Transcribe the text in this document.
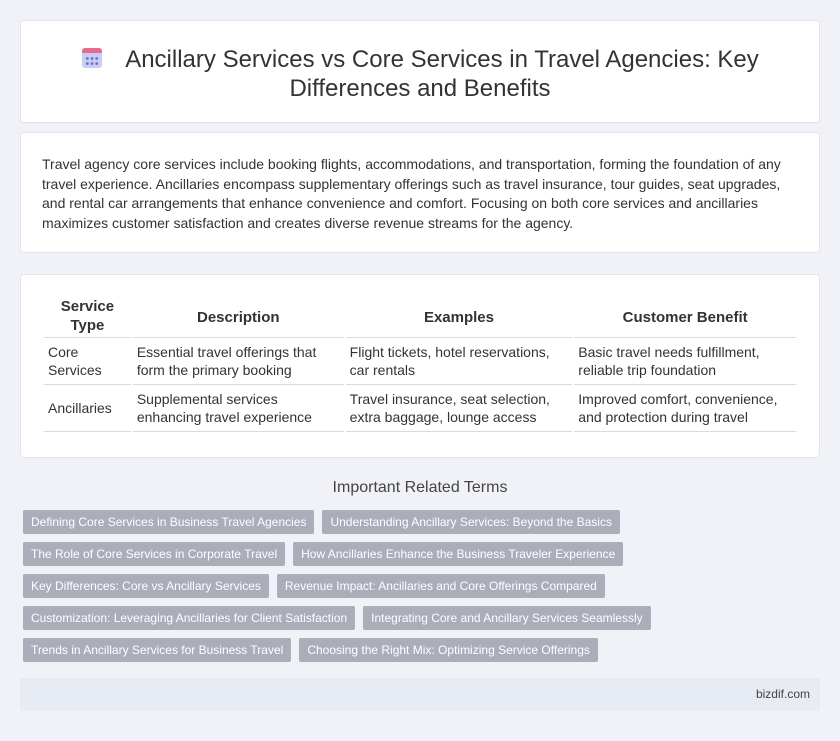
Ancillary Services vs Core Services in Travel Agencies: Key
Differences and Benefits

Travel agency core services include booking flights, accommodations, and transportation, forming the foundation of any travel experience. Ancillaries encompass supplementary offerings such as travel insurance, tour guides, seat upgrades, and rental car arrangements that enhance convenience and comfort. Focusing on both core services and ancillaries maximizes customer satisfaction and creates diverse revenue streams for the agency.

Service Type	Description	Examples	Customer Benefit
Core Services	Essential travel offerings that form the primary booking	Flight tickets, hotel reservations, car rentals	Basic travel needs fulfillment, reliable trip foundation
Ancillaries	Supplemental services enhancing travel experience	Travel insurance, seat selection, extra baggage, lounge access	Improved comfort, convenience, and protection during travel
Important Related Terms
Defining Core Services in Business Travel Agencies	Understanding Ancillary Services: Beyond the Basics
The Role of Core Services in Corporate Travel	How Ancillaries Enhance the Business Traveler Experience
Key Differences: Core vs Ancillary Services	Revenue Impact: Ancillaries and Core Offerings Compared
Customization: Leveraging Ancillaries for Client Satisfaction	Integrating Core and Ancillary Services Seamlessly
Trends in Ancillary Services for Business Travel	Choosing the Right Mix: Optimizing Service Offerings
bizdif.com
